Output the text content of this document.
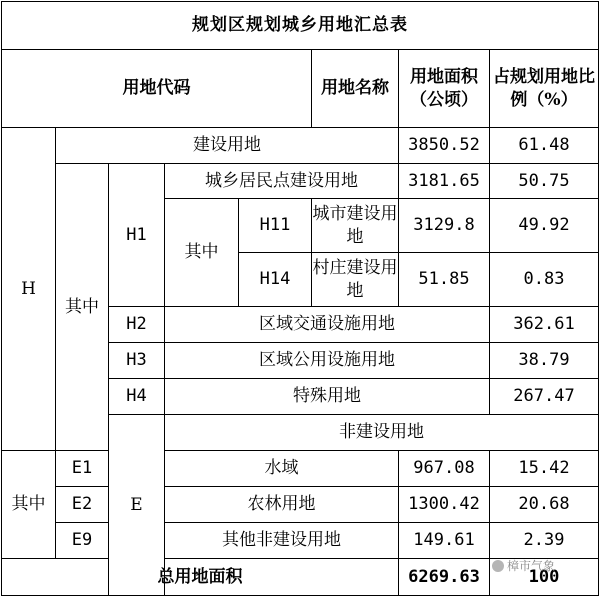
规划区规划城乡用地汇总表								
用地代码					用地名称	用地面积（公顷）	占规划用地比例（%）	
H	建设用地					3850.52	61.48	
	其中	H1	城乡居民点建设用地			3181.65	50.75	
			其中	H11	城市建设用地	3129.8	49.92	
				H14	村庄建设用地	51.85	0.83	
		H2	区域交通设施用地				362.61	
		H3	区域公用设施用地				38.79	
		H4	特殊用地				267.47	
		E	非建设用地		
其中	E1		水域			967.08	15.42	
	E2		农林用地			1300.42	20.68	
	E9		其他非建设用地			149.61	2.39	
总用地面积						6269.63	100	
樟市气象
